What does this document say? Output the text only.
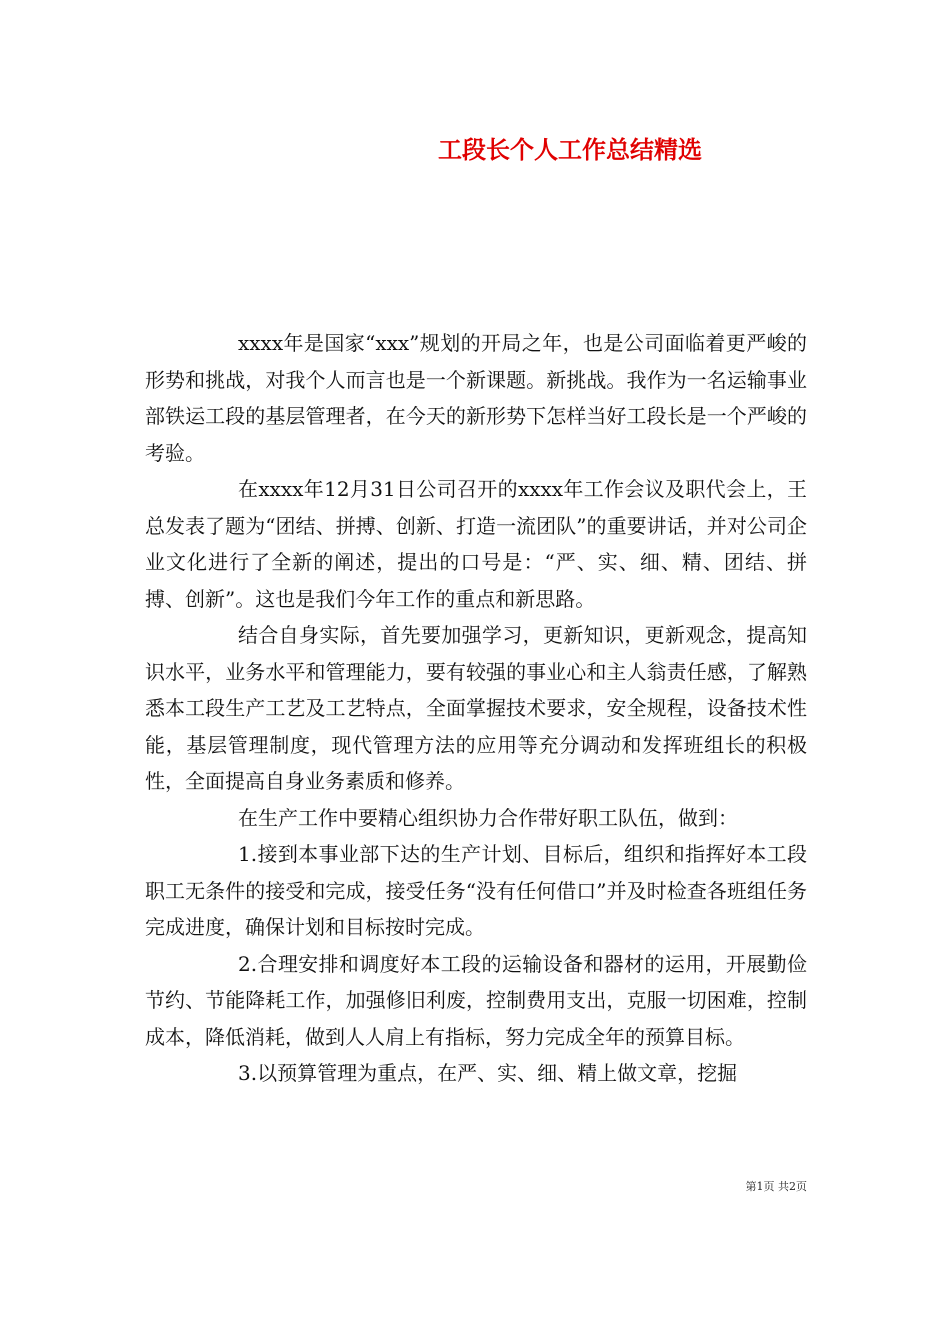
工段长个人工作总结精选

xxxx年是国家“xxx”规划的开局之年，也是公司面临着更严峻的形势和挑战，对我个人而言也是一个新课题。新挑战。我作为一名运输事业部铁运工段的基层管理者，在今天的新形势下怎样当好工段长是一个严峻的考验。

在xxxx年12月31日公司召开的xxxx年工作会议及职代会上，王总发表了题为“团结、拼搏、创新、打造一流团队”的重要讲话，并对公司企业文化进行了全新的阐述，提出的口号是：“严、实、细、精、团结、拼搏、创新”。这也是我们今年工作的重点和新思路。

结合自身实际，首先要加强学习，更新知识，更新观念，提高知识水平，业务水平和管理能力，要有较强的事业心和主人翁责任感，了解熟悉本工段生产工艺及工艺特点，全面掌握技术要求，安全规程，设备技术性能，基层管理制度，现代管理方法的应用等充分调动和发挥班组长的积极性，全面提高自身业务素质和修养。

在生产工作中要精心组织协力合作带好职工队伍，做到：

1.接到本事业部下达的生产计划、目标后，组织和指挥好本工段职工无条件的接受和完成，接受任务“没有任何借口”并及时检查各班组任务完成进度，确保计划和目标按时完成。

2.合理安排和调度好本工段的运输设备和器材的运用，开展勤俭节约、节能降耗工作，加强修旧利废，控制费用支出，克服一切困难，控制成本，降低消耗，做到人人肩上有指标，努力完成全年的预算目标。

3.以预算管理为重点，在严、实、细、精上做文章，挖掘

第1页 共2页
